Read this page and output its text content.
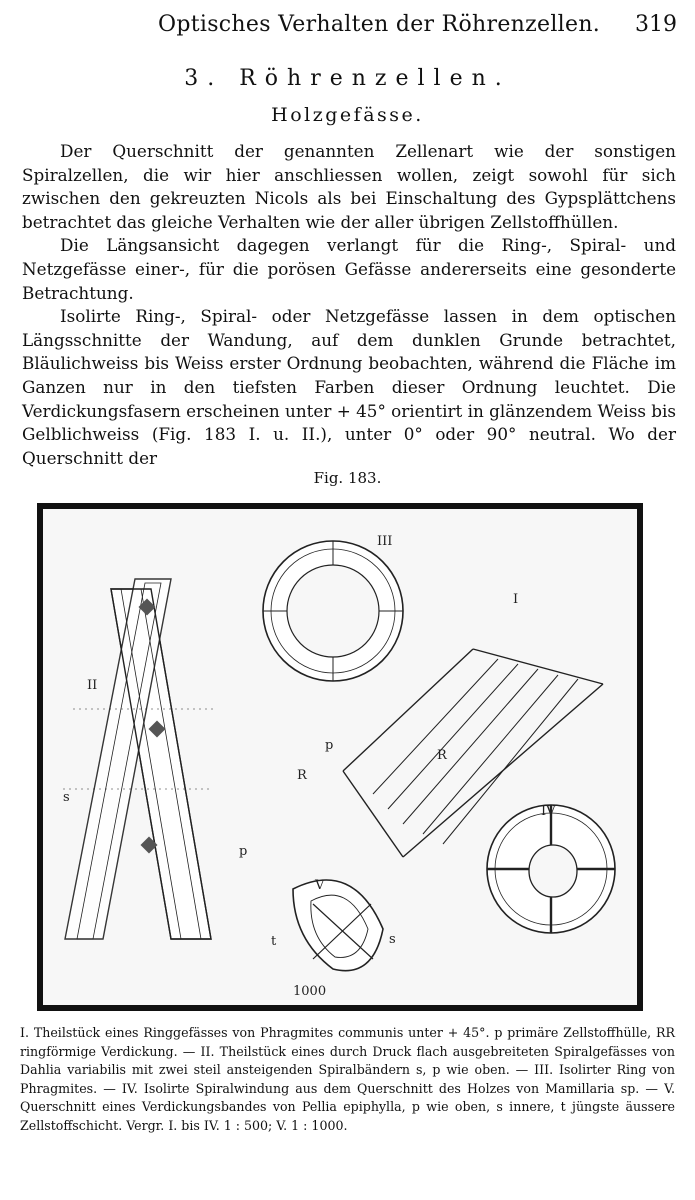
Optisches Verhalten der Röhrenzellen. 319
3. Röhrenzellen.
Holzgefässe.

Der Querschnitt der genannten Zellenart wie der sonstigen Spiralzellen, die wir hier anschliessen wollen, zeigt sowohl für sich zwischen den gekreuzten Nicols als bei Einschaltung des Gypsplättchens betrachtet das gleiche Verhalten wie der aller übrigen Zellstoffhüllen.

Die Längsansicht dagegen verlangt für die Ring-, Spiral- und Netzgefässe einer-, für die porösen Gefässe andererseits eine gesonderte Betrachtung.

Isolirte Ring-, Spiral- oder Netzgefässe lassen in dem optischen Längsschnitte der Wandung, auf dem dunklen Grunde betrachtet, Bläulichweiss bis Weiss erster Ordnung beobachten, während die Fläche im Ganzen nur in den tiefsten Farben dieser Ordnung leuchtet. Die Verdickungsfasern erscheinen unter + 45° orientirt in glänzendem Weiss bis Gelblichweiss (Fig. 183 I. u. II.), unter 0° oder 90° neutral. Wo der Querschnitt der

Fig. 183.
II
s
III
I
p
R
R
p
IV
V
t	s
1000

I. Theilstück eines Ringgefässes von Phragmites communis unter + 45°. p primäre Zellstoffhülle, RR ringförmige Verdickung. — II. Theilstück eines durch Druck flach ausgebreiteten Spiralgefässes von Dahlia variabilis mit zwei steil ansteigenden Spiralbändern s, p wie oben. — III. Isolirter Ring von Phragmites. — IV. Isolirte Spiralwindung aus dem Querschnitt des Holzes von Mamillaria sp. — V. Querschnitt eines Verdickungsbandes von Pellia epiphylla, p wie oben, s innere, t jüngste äussere Zellstoffschicht. Vergr. I. bis IV. 1 : 500; V. 1 : 1000.
